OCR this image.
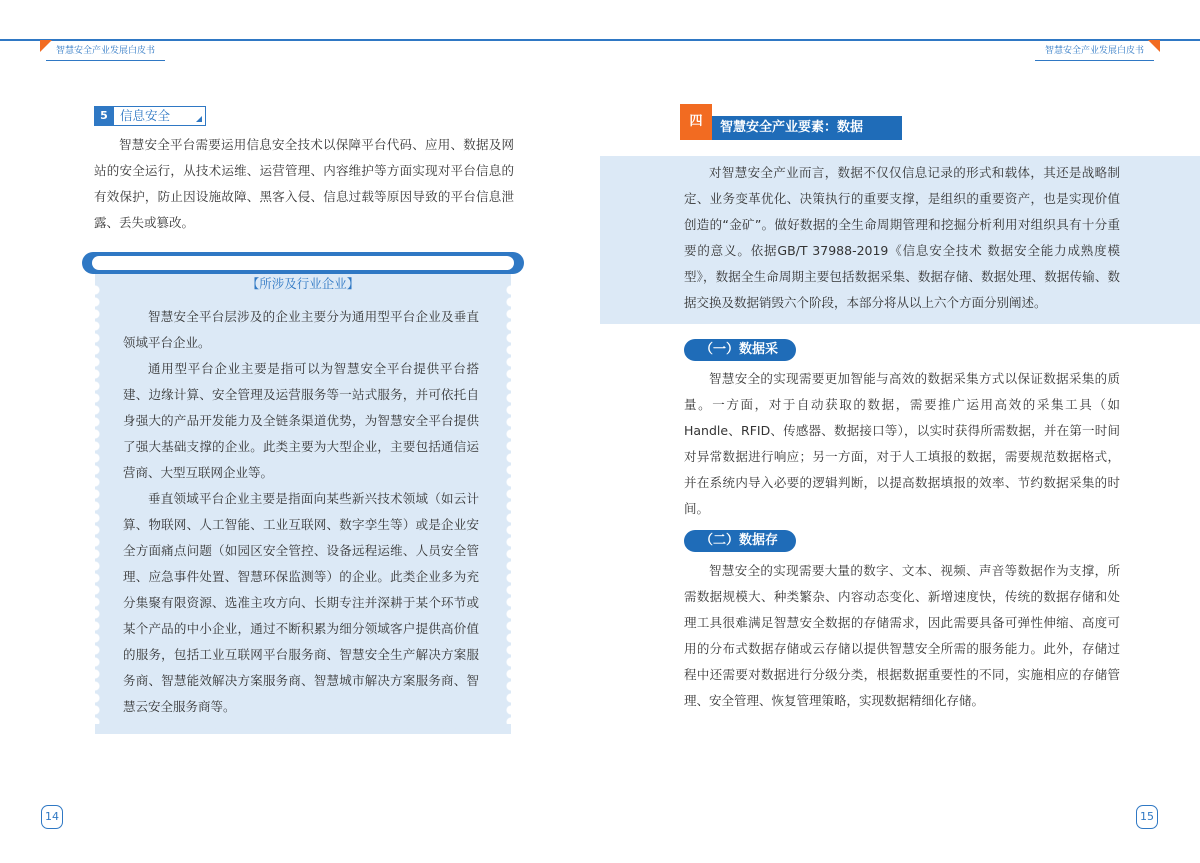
智慧安全产业发展白皮书	智慧安全产业发展白皮书
5 信息安全

智慧安全平台需要运用信息安全技术以保障平台代码、应用、数据及网站的安全运行，从技术运维、运营管理、内容维护等方面实现对平台信息的有效保护，防止因设施故障、黑客入侵、信息过载等原因导致的平台信息泄露、丢失或篡改。

【所涉及行业企业】

智慧安全平台层涉及的企业主要分为通用型平台企业及垂直领域平台企业。

通用型平台企业主要是指可以为智慧安全平台提供平台搭建、边缘计算、安全管理及运营服务等一站式服务，并可依托自身强大的产品开发能力及全链条渠道优势，为智慧安全平台提供了强大基础支撑的企业。此类主要为大型企业，主要包括通信运营商、大型互联网企业等。

垂直领域平台企业主要是指面向某些新兴技术领域（如云计算、物联网、人工智能、工业互联网、数字孪生等）或是企业安全方面痛点问题（如园区安全管控、设备远程运维、人员安全管理、应急事件处置、智慧环保监测等）的企业。此类企业多为充分集聚有限资源、选准主攻方向、长期专注并深耕于某个环节或某个产品的中小企业，通过不断积累为细分领域客户提供高价值的服务，包括工业互联网平台服务商、智慧安全生产解决方案服务商、智慧能效解决方案服务商、智慧城市解决方案服务商、智慧云安全服务商等。

14
四	智慧安全产业要素：数据

对智慧安全产业而言，数据不仅仅信息记录的形式和载体，其还是战略制定、业务变革优化、决策执行的重要支撑，是组织的重要资产，也是实现价值创造的“金矿”。做好数据的全生命周期管理和挖掘分析利用对组织具有十分重要的意义。依据GB/T 37988-2019《信息安全技术 数据安全能力成熟度模型》，数据全生命周期主要包括数据采集、数据存储、数据处理、数据传输、数据交换及数据销毁六个阶段，本部分将从以上六个方面分别阐述。

（一）数据采集

智慧安全的实现需要更加智能与高效的数据采集方式以保证数据采集的质量。一方面，对于自动获取的数据，需要推广运用高效的采集工具（如Handle、RFID、传感器、数据接口等），以实时获得所需数据，并在第一时间对异常数据进行响应；另一方面，对于人工填报的数据，需要规范数据格式，并在系统内导入必要的逻辑判断，以提高数据填报的效率、节约数据采集的时间。

（二）数据存储

智慧安全的实现需要大量的数字、文本、视频、声音等数据作为支撑，所需数据规模大、种类繁杂、内容动态变化、新增速度快，传统的数据存储和处理工具很难满足智慧安全数据的存储需求，因此需要具备可弹性伸缩、高度可用的分布式数据存储或云存储以提供智慧安全所需的服务能力。此外，存储过程中还需要对数据进行分级分类，根据数据重要性的不同，实施相应的存储管理、安全管理、恢复管理策略，实现数据精细化存储。

15
